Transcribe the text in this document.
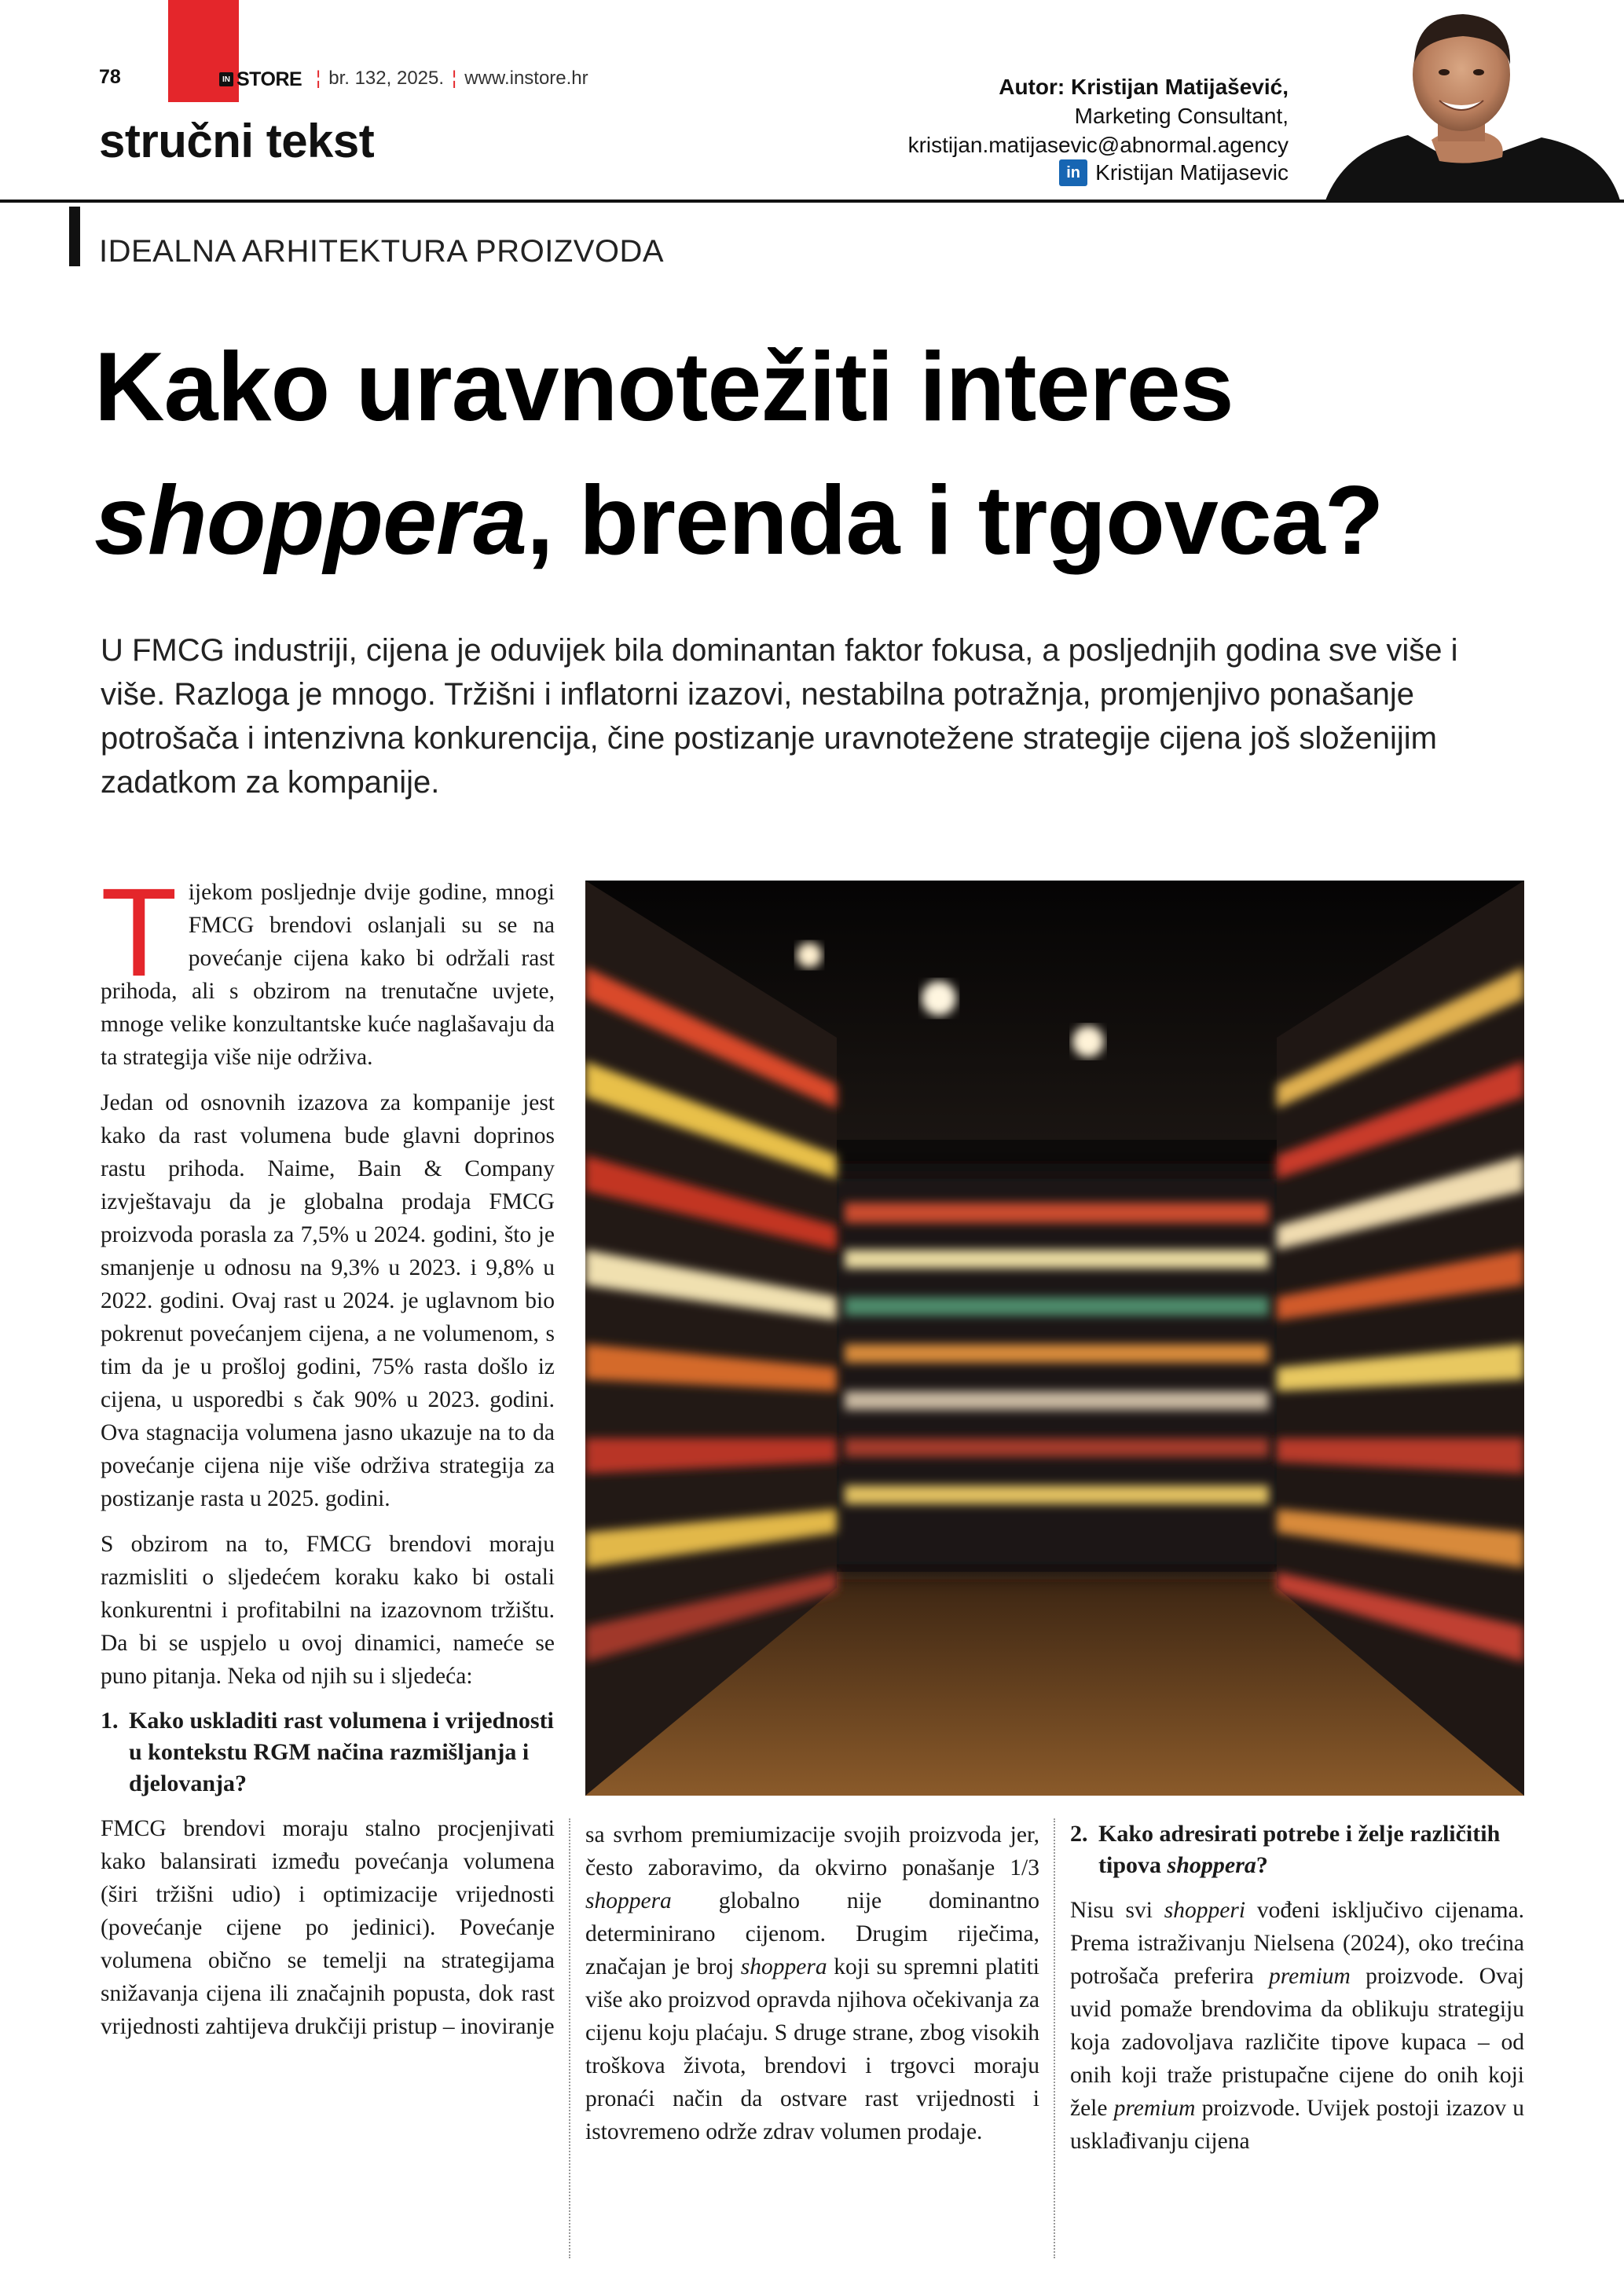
78	IN STORE ¦ br. 132, 2025. ¦ www.instore.hr
stručni tekst
Autor: Kristijan Matijašević,
Marketing Consultant,
kristijan.matijasevic@abnormal.agency
in Kristijan Matijasevic
IDEALNA ARHITEKTURA PROIZVODA
Kako uravnotežiti interes
shoppera, brenda i trgovca?

U FMCG industriji, cijena je oduvijek bila dominantan faktor fokusa, a posljednjih godina sve više i više. Razloga je mnogo. Tržišni i inflatorni izazovi, nestabilna potražnja, promjenjivo ponašanje potrošača i intenzivna konkurencija, čine postizanje uravnotežene strategije cijena još složenijim zadatkom za kompanije.

Tijekom posljednje dvije godine, mnogi FMCG brendovi oslanjali su se na povećanje cijena kako bi održali rast prihoda, ali s obzirom na trenutačne uvjete, mnoge velike konzultantske kuće naglašavaju da ta strategija više nije održiva.

Jedan od osnovnih izazova za kompanije jest kako da rast volumena bude glavni doprinos rastu prihoda. Naime, Bain & Company izvještavaju da je globalna prodaja FMCG proizvoda porasla za 7,5% u 2024. godini, što je smanjenje u odnosu na 9,3% u 2023. i 9,8% u 2022. godini. Ovaj rast u 2024. je uglavnom bio pokrenut povećanjem cijena, a ne volumenom, s tim da je u prošloj godini, 75% rasta došlo iz cijena, u usporedbi s čak 90% u 2023. godini. Ova stagnacija volumena jasno ukazuje na to da povećanje cijena nije više održiva strategija za postizanje rasta u 2025. godini.

S obzirom na to, FMCG brendovi moraju razmisliti o sljedećem koraku kako bi ostali konkurentni i profitabilni na izazovnom tržištu. Da bi se uspjelo u ovoj dinamici, nameće se puno pitanja. Neka od njih su i sljedeća:

1. Kako uskladiti rast volumena i vrijednosti u kontekstu RGM načina razmišljanja i djelovanja?

FMCG brendovi moraju stalno procjenjivati kako balansirati između povećanja volumena (širi tržišni udio) i optimizacije vrijednosti (povećanje cijene po jedinici). Povećanje volumena obično se temelji na strategijama snižavanja cijena ili značajnih popusta, dok rast vrijednosti zahtijeva drukčiji pristup – inoviranje

sa svrhom premiumizacije svojih proizvoda jer, često zaboravimo, da okvirno ponašanje 1/3 shoppera globalno nije dominantno determinirano cijenom. Drugim riječima, značajan je broj shoppera koji su spremni platiti više ako proizvod opravda njihova očekivanja za cijenu koju plaćaju. S druge strane, zbog visokih troškova života, brendovi i trgovci moraju pronaći način da ostvare rast vrijednosti i istovremeno održe zdrav volumen prodaje.

2. Kako adresirati potrebe i želje različitih tipova shoppera?

Nisu svi shopperi vođeni isključivo cijenama. Prema istraživanju Nielsena (2024), oko trećina potrošača preferira premium proizvode. Ovaj uvid pomaže brendovima da oblikuju strategiju koja zadovoljava različite tipove kupaca – od onih koji traže pristupačne cijene do onih koji žele premium proizvode. Uvijek postoji izazov u usklađivanju cijena
